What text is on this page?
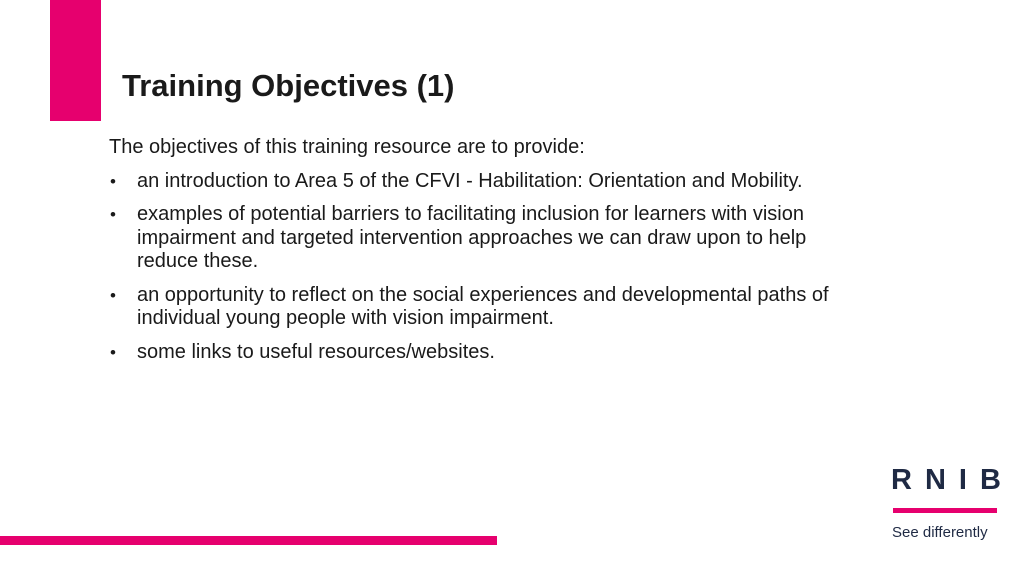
Training Objectives (1)

The objectives of this training resource are to provide:

• an introduction to Area 5 of the CFVI - Habilitation: Orientation and Mobility.
• examples of potential barriers to facilitating inclusion for learners with vision impairment and targeted intervention approaches we can draw upon to help reduce these.
• an opportunity to reflect on the social experiences and developmental paths of individual young people with vision impairment.
• some links to useful resources/websites.
RNIB
See differently
